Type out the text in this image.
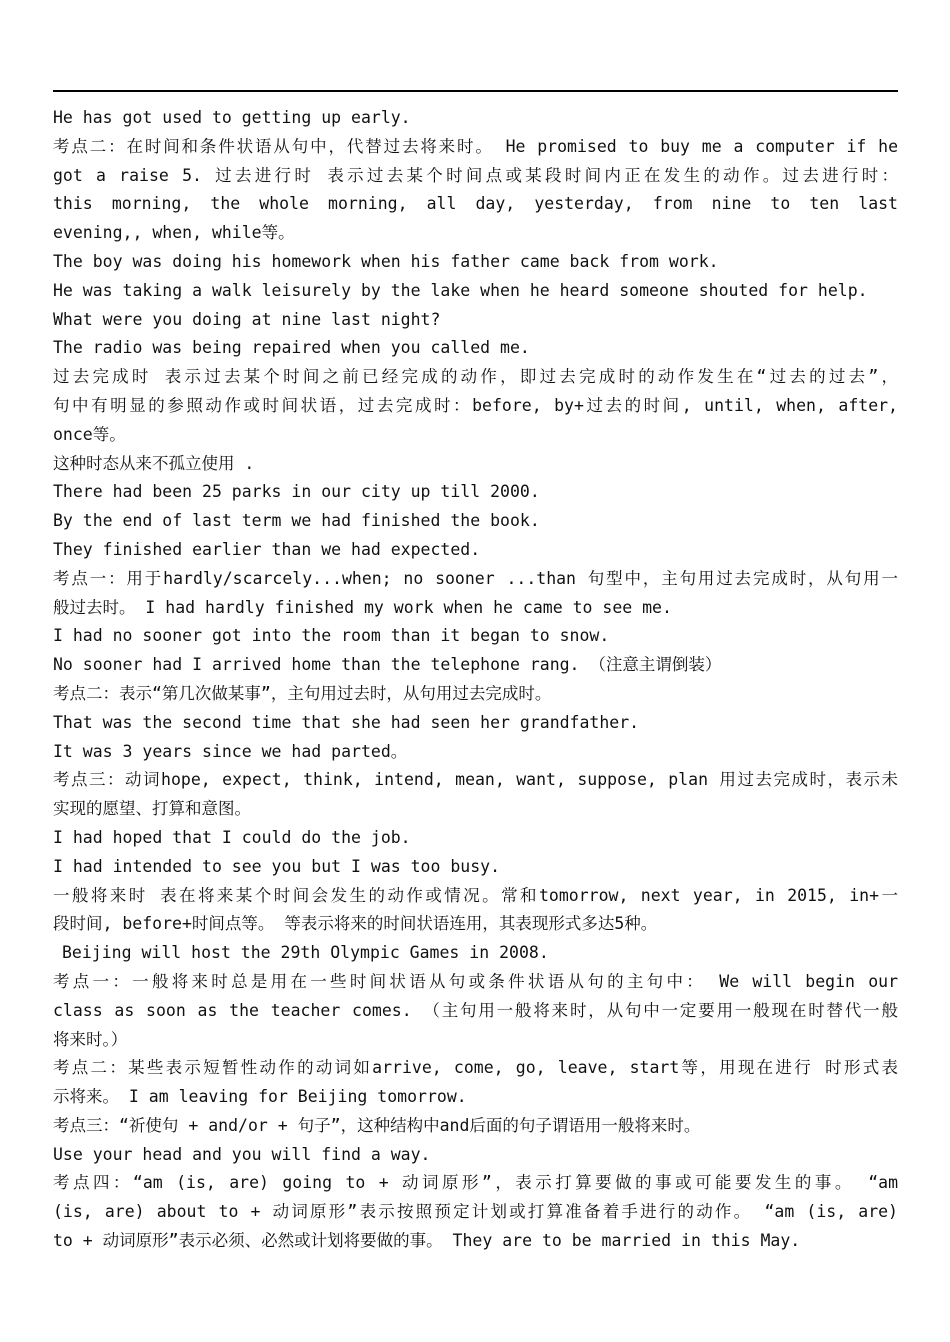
He has got used to getting up early.
考点二：在时间和条件状语从句中，代替过去将来时。 He promised to buy me a computer if he
got a raise 5. 过去进行时 表示过去某个时间点或某段时间内正在发生的动作。过去进行时：
this morning, the whole morning, all day, yesterday, from nine to ten last
evening,, when, while等。
The boy was doing his homework when his father came back from work.
He was taking a walk leisurely by the lake when he heard someone shouted for help.
What were you doing at nine last night?
The radio was being repaired when you called me.
过去完成时 表示过去某个时间之前已经完成的动作，即过去完成时的动作发生在“过去的过去”，
句中有明显的参照动作或时间状语，过去完成时：before, by+过去的时间, until, when, after,
once等。
这种时态从来不孤立使用 .
There had been 25 parks in our city up till 2000.
By the end of last term we had finished the book.
They finished earlier than we had expected.
考点一：用于hardly/scarcely...when; no sooner ...than 句型中，主句用过去完成时，从句用一
般过去时。 I had hardly finished my work when he came to see me.
I had no sooner got into the room than it began to snow.
No sooner had I arrived home than the telephone rang. （注意主谓倒装）
考点二：表示“第几次做某事”，主句用过去时，从句用过去完成时。
That was the second time that she had seen her grandfather.
It was 3 years since we had parted。
考点三：动词hope, expect, think, intend, mean, want, suppose, plan 用过去完成时，表示未
实现的愿望、打算和意图。
I had hoped that I could do the job.
I had intended to see you but I was too busy.
一般将来时 表在将来某个时间会发生的动作或情况。常和tomorrow, next year, in 2015, in+一
段时间, before+时间点等。 等表示将来的时间状语连用，其表现形式多达5种。
Beijing will host the 29th Olympic Games in 2008.
考点一：一般将来时总是用在一些时间状语从句或条件状语从句的主句中： We will begin our
class as soon as the teacher comes. （主句用一般将来时，从句中一定要用一般现在时替代一般
将来时。）
考点二：某些表示短暂性动作的动词如arrive, come, go, leave, start等，用现在进行 时形式表
示将来。 I am leaving for Beijing tomorrow.
考点三：“祈使句 + and/or + 句子”，这种结构中and后面的句子谓语用一般将来时。
Use your head and you will find a way.
考点四：“am (is, are) going to + 动词原形”，表示打算要做的事或可能要发生的事。 “am
(is, are) about to + 动词原形”表示按照预定计划或打算准备着手进行的动作。 “am (is, are)
to + 动词原形”表示必须、必然或计划将要做的事。 They are to be married in this May.
